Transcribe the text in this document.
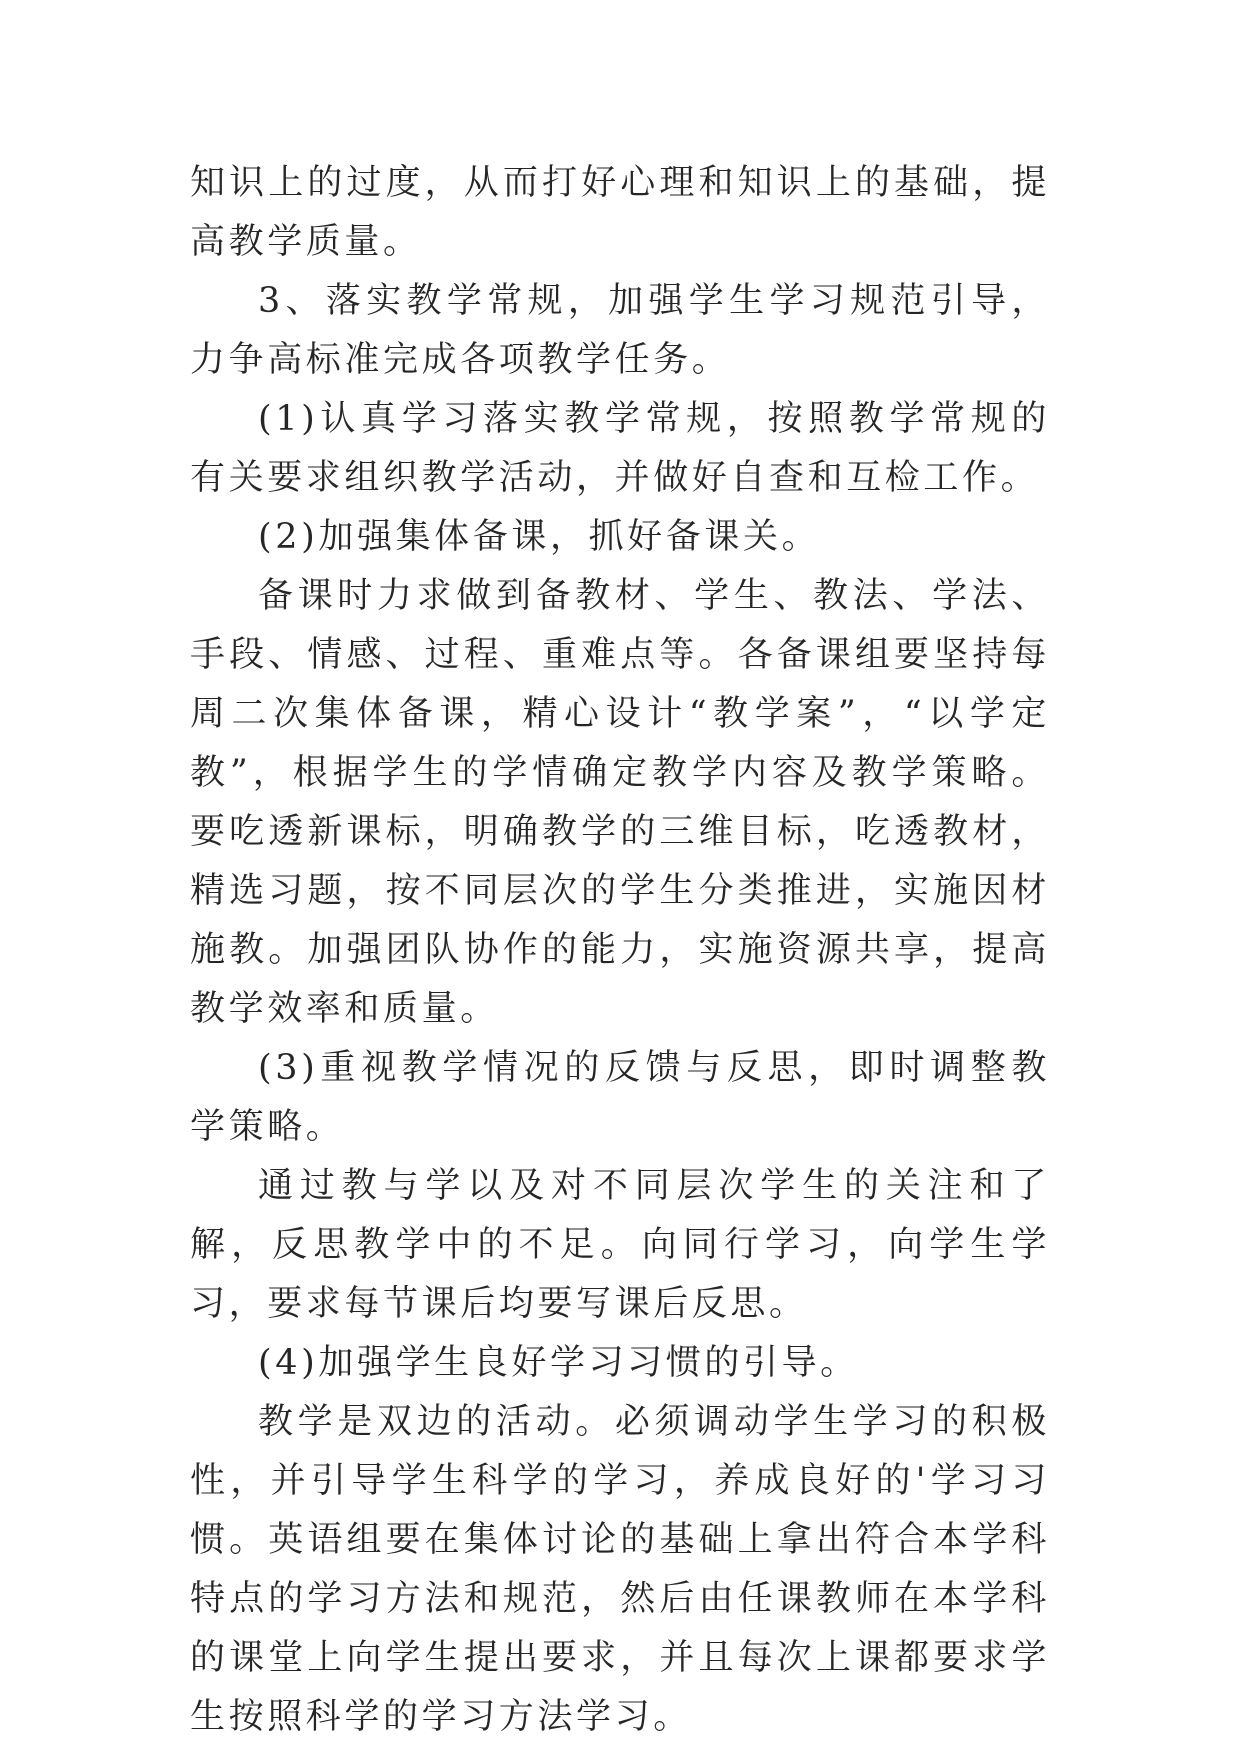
知识上的过度，从而打好心理和知识上的基础，提高教学质量。

3、落实教学常规，加强学生学习规范引导，力争高标准完成各项教学任务。

(1)认真学习落实教学常规，按照教学常规的有关要求组织教学活动，并做好自查和互检工作。

(2)加强集体备课，抓好备课关。

备课时力求做到备教材、学生、教法、学法、手段、情感、过程、重难点等。各备课组要坚持每周二次集体备课，精心设计“教学案”，“以学定教”，根据学生的学情确定教学内容及教学策略。要吃透新课标，明确教学的三维目标，吃透教材，精选习题，按不同层次的学生分类推进，实施因材施教。加强团队协作的能力，实施资源共享，提高教学效率和质量。

(3)重视教学情况的反馈与反思，即时调整教学策略。

通过教与学以及对不同层次学生的关注和了解，反思教学中的不足。向同行学习，向学生学习，要求每节课后均要写课后反思。

(4)加强学生良好学习习惯的引导。

教学是双边的活动。必须调动学生学习的积极性，并引导学生科学的学习，养成良好的'学习习惯。英语组要在集体讨论的基础上拿出符合本学科特点的学习方法和规范，然后由任课教师在本学科的课堂上向学生提出要求，并且每次上课都要求学生按照科学的学习方法学习。
